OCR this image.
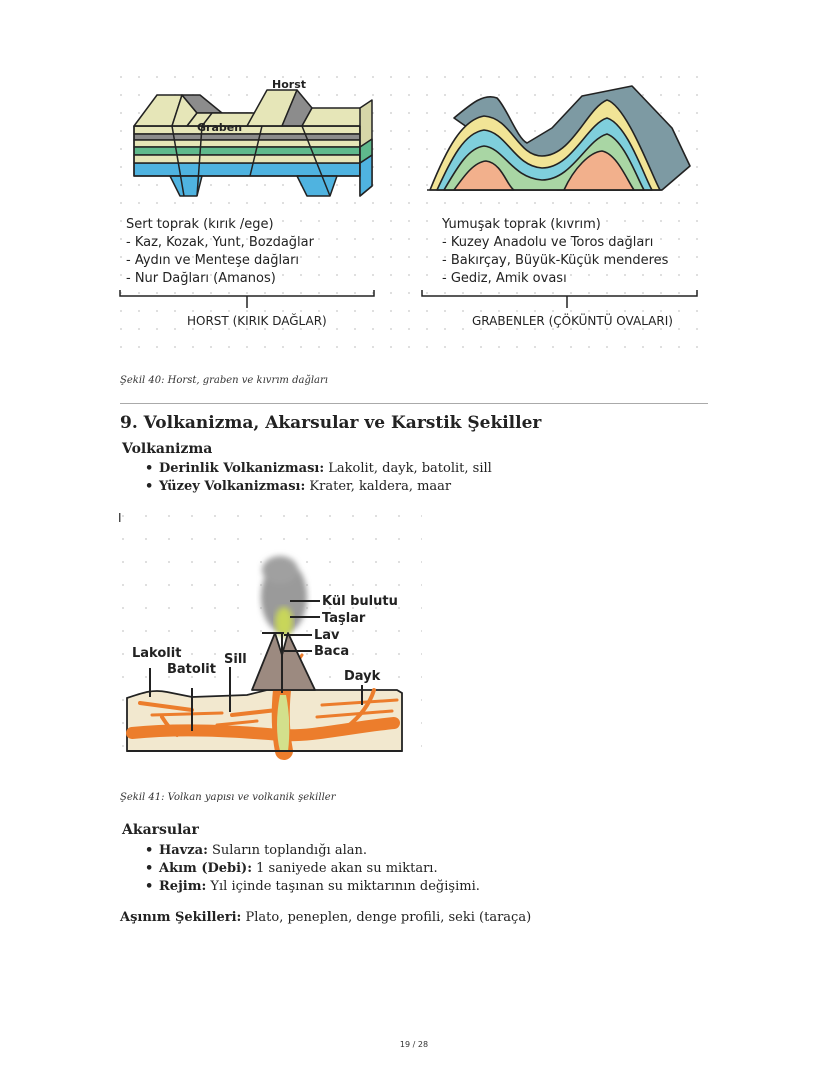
Horst
Graben
Sert toprak (kırık /ege)
- Kaz, Kozak, Yunt, Bozdağlar
- Aydın ve Menteşe dağları
- Nur Dağları (Amanos)
HORST (KIRIK DAĞLAR)
Yumuşak toprak (kıvrım)
- Kuzey Anadolu ve Toros dağları
- Bakırçay, Büyük-Küçük menderes
- Gediz, Amik ovası
GRABENLER (ÇÖKÜNTÜ OVALARI)
Şekil 40: Horst, graben ve kıvrım dağları
9. Volkanizma, Akarsular ve Karstik Şekiller
Volkanizma
• Derinlik Volkanizması: Lakolit, dayk, batolit, sill
• Yüzey Volkanizması: Krater, kaldera, maar
I
Kül bulutu
Taşlar
Lav
Baca
Lakolit
Batolit
Sill
Dayk
Şekil 41: Volkan yapısı ve volkanik şekiller
Akarsular
• Havza: Suların toplandığı alan.
• Akım (Debi): 1 saniyede akan su miktarı.
• Rejim: Yıl içinde taşınan su miktarının değişimi.
Aşınım Şekilleri: Plato, peneplen, denge profili, seki (taraça)
19 / 28
